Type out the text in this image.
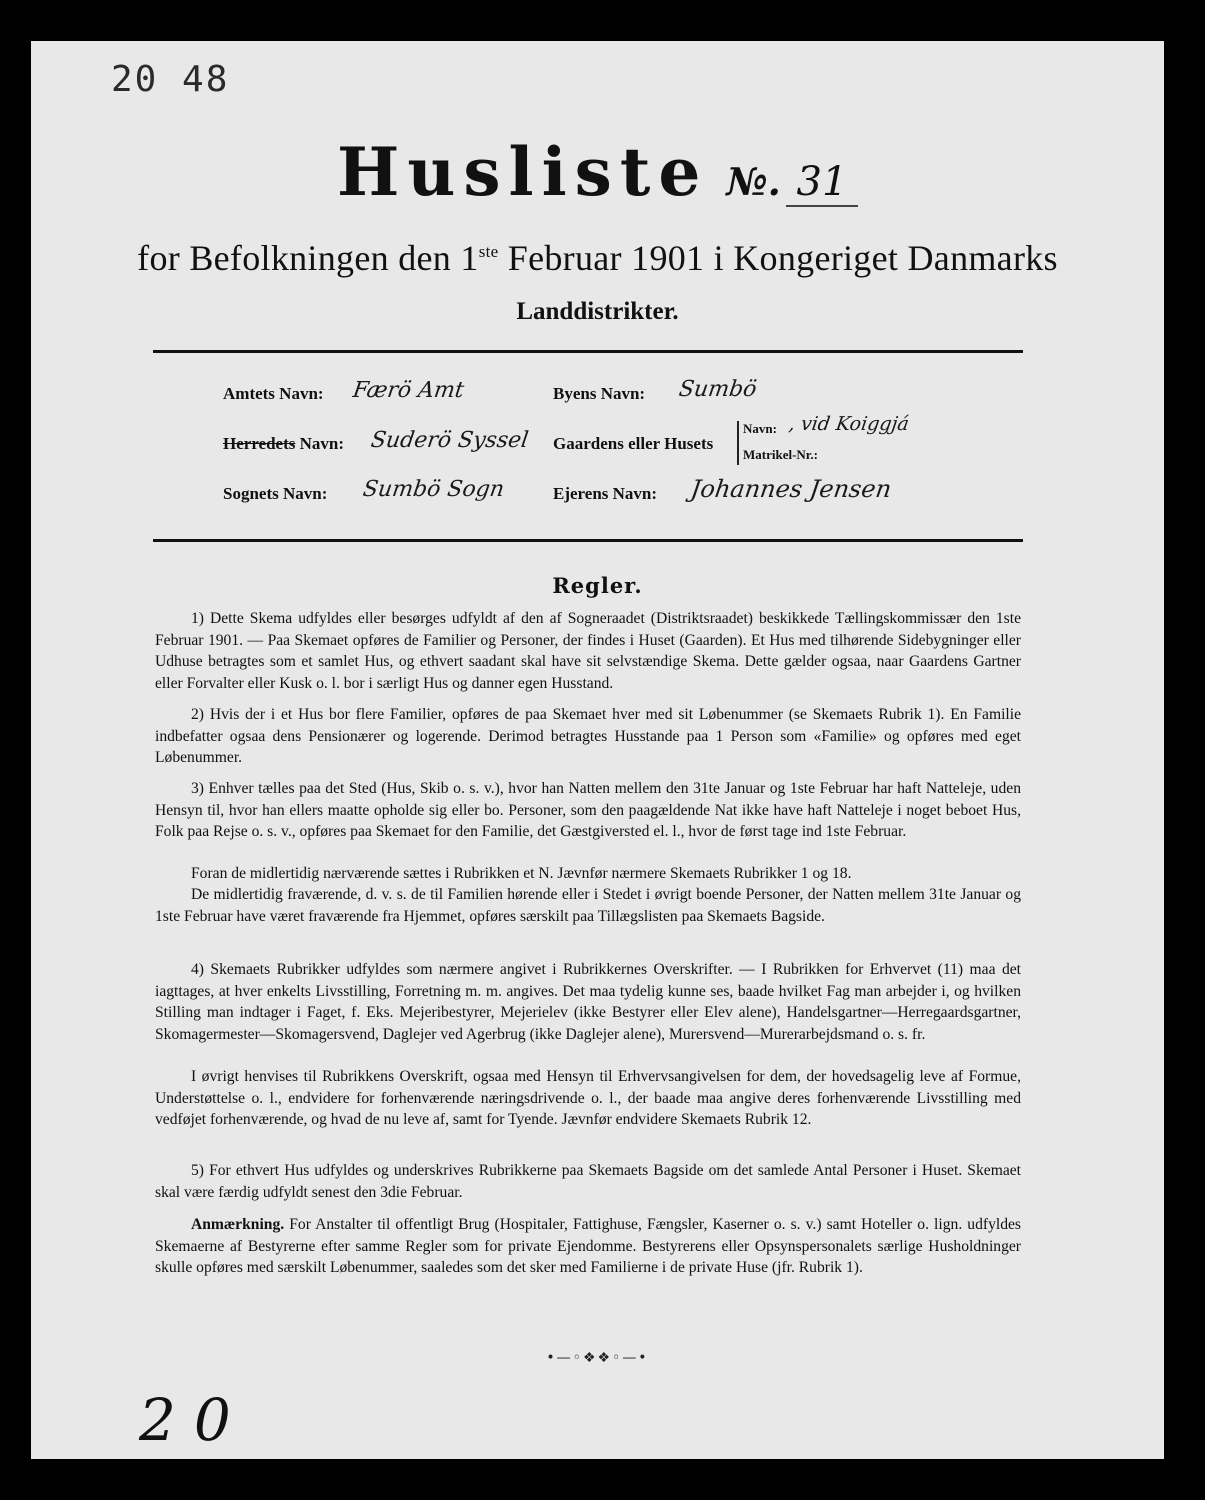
20 48
Husliste №. 31
for Befolkningen den 1ste Februar 1901 i Kongeriget Danmarks
Landdistrikter.
Amtets Navn: Færö Amt
Herredets Navn: Suderö Syssel
Sognets Navn: Sumbö Sogn
Byens Navn: Sumbö
Gaardens eller Husets
Navn: , vid Koiggjá
Matrikel-Nr.:
Ejerens Navn: Johannes Jensen
Regler.

1) Dette Skema udfyldes eller besørges udfyldt af den af Sogneraadet (Distriktsraadet) beskikkede Tællingskommissær den 1ste Februar 1901. — Paa Skemaet opføres de Familier og Personer, der findes i Huset (Gaarden). Et Hus med tilhørende Sidebygninger eller Udhuse betragtes som et samlet Hus, og ethvert saadant skal have sit selvstændige Skema. Dette gælder ogsaa, naar Gaardens Gartner eller Forvalter eller Kusk o. l. bor i særligt Hus og danner egen Husstand.

2) Hvis der i et Hus bor flere Familier, opføres de paa Skemaet hver med sit Løbenummer (se Skemaets Rubrik 1). En Familie indbefatter ogsaa dens Pensionærer og logerende. Derimod betragtes Husstande paa 1 Person som «Familie» og opføres med eget Løbenummer.

3) Enhver tælles paa det Sted (Hus, Skib o. s. v.), hvor han Natten mellem den 31te Januar og 1ste Februar har haft Natteleje, uden Hensyn til, hvor han ellers maatte opholde sig eller bo. Personer, som den paagældende Nat ikke have haft Natteleje i noget beboet Hus, Folk paa Rejse o. s. v., opføres paa Skemaet for den Familie, det Gæstgiversted el. l., hvor de først tage ind 1ste Februar.

Foran de midlertidig nærværende sættes i Rubrikken et N. Jævnfør nærmere Skemaets Rubrikker 1 og 18.

De midlertidig fraværende, d. v. s. de til Familien hørende eller i Stedet i øvrigt boende Personer, der Natten mellem 31te Januar og 1ste Februar have været fraværende fra Hjemmet, opføres særskilt paa Tillægslisten paa Skemaets Bagside.

4) Skemaets Rubrikker udfyldes som nærmere angivet i Rubrikkernes Overskrifter. — I Rubrikken for Erhvervet (11) maa det iagttages, at hver enkelts Livsstilling, Forretning m. m. angives. Det maa tydelig kunne ses, baade hvilket Fag man arbejder i, og hvilken Stilling man indtager i Faget, f. Eks. Mejeribestyrer, Mejerielev (ikke Bestyrer eller Elev alene), Handelsgartner—Herregaardsgartner, Skomagermester—Skomagersvend, Daglejer ved Agerbrug (ikke Daglejer alene), Murersvend—Murerarbejdsmand o. s. fr.

I øvrigt henvises til Rubrikkens Overskrift, ogsaa med Hensyn til Erhvervsangivelsen for dem, der hovedsagelig leve af Formue, Understøttelse o. l., endvidere for forhenværende næringsdrivende o. l., der baade maa angive deres forhenværende Livsstilling med vedføjet forhenværende, og hvad de nu leve af, samt for Tyende. Jævnfør endvidere Skemaets Rubrik 12.

5) For ethvert Hus udfyldes og underskrives Rubrikkerne paa Skemaets Bagside om det samlede Antal Personer i Huset. Skemaet skal være færdig udfyldt senest den 3die Februar.

Anmærkning. For Anstalter til offentligt Brug (Hospitaler, Fattighuse, Fængsler, Kaserner o. s. v.) samt Hoteller o. lign. udfyldes Skemaerne af Bestyrerne efter samme Regler som for private Ejendomme. Bestyrerens eller Opsynspersonalets særlige Husholdninger skulle opføres med særskilt Løbenummer, saaledes som det sker med Familierne i de private Huse (jfr. Rubrik 1).

•—◦❖❖◦—•
20
